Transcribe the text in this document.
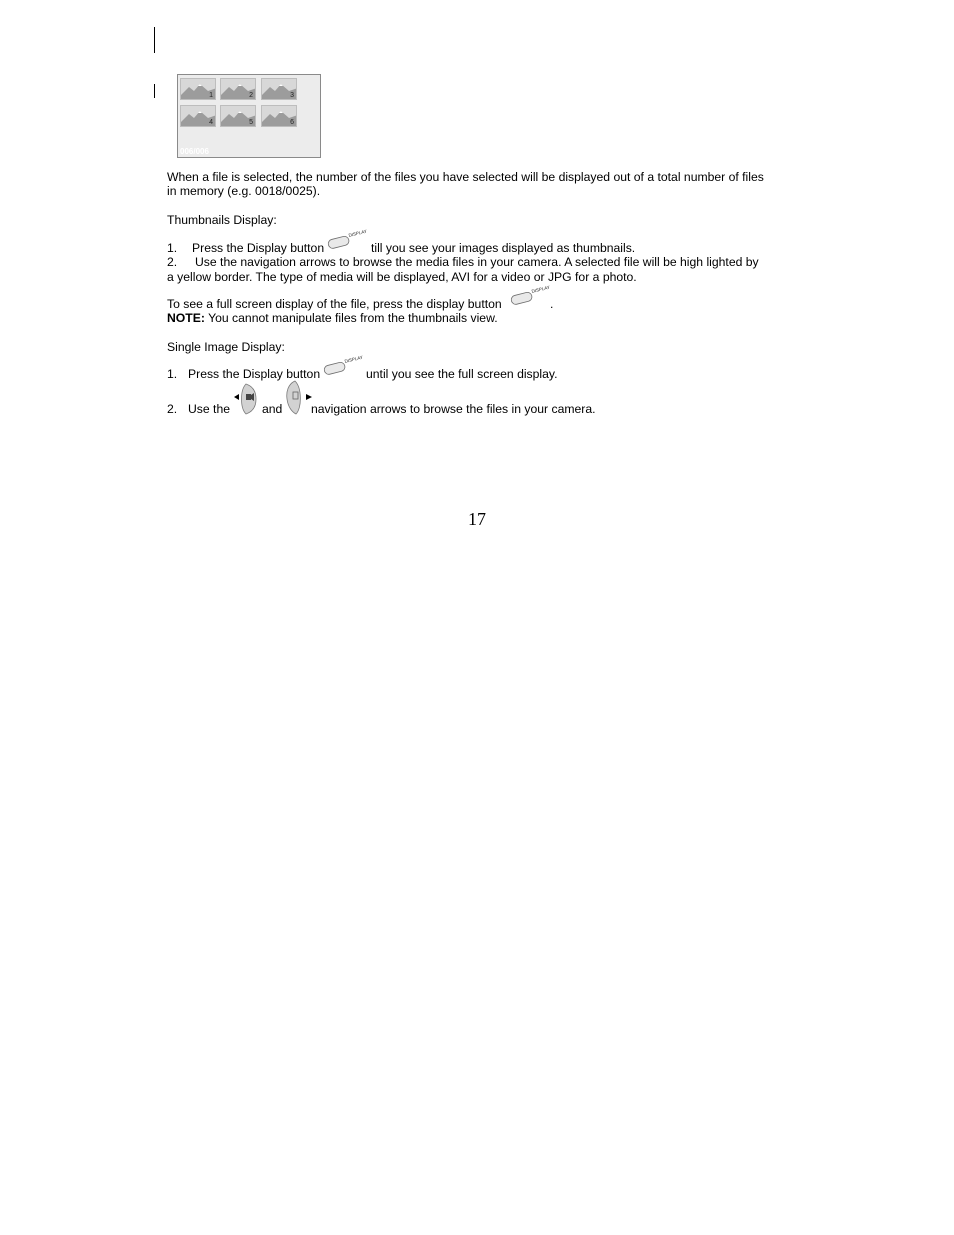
1	2	3
4	5	6
006/006
When a file is selected, the number of the files you have selected will be displayed out of a total number of files
in memory (e.g. 0018/0025).
Thumbnails Display:
1. Press the Display button	till you see your images displayed as thumbnails.
DISPLAY
2. Use the navigation arrows to browse the media files in your camera. A selected file will be high lighted by
a yellow border. The type of media will be displayed, AVI for a video or JPG for a photo.
To see a full screen display of the file, press the display button	.
DISPLAY
NOTE: You cannot manipulate files from the thumbnails view.
Single Image Display:
1. Press the Display button	until you see the full screen display.
DISPLAY
2. Use the	and navigation arrows to browse the files in your camera.
17
